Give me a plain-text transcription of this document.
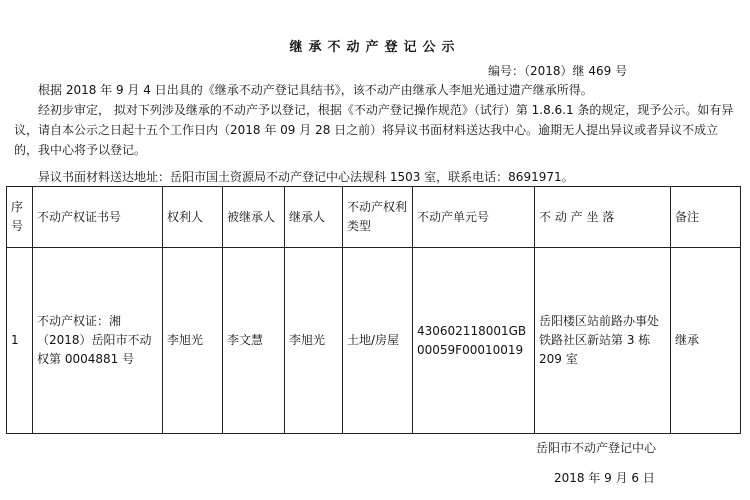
继承不动产登记公示
编号：（2018）继 469 号
根据 2018 年 9 月 4 日出具的《继承不动产登记具结书》，该不动产由继承人李旭光通过遗产继承所得。
经初步审定， 拟对下列涉及继承的不动产予以登记，根据《不动产登记操作规范》（试行）第 1.8.6.1 条的规定，现予公示。如有异议，请自本公示之日起十五个工作日内（2018 年 09 月 28 日之前）将异议书面材料送达我中心。逾期无人提出异议或者异议不成立的，我中心将予以登记。
异议书面材料送达地址：岳阳市国土资源局不动产登记中心法规科 1503 室，联系电话：8691971。
序号	不动产权证书号	权利人	被继承人	继承人	不动产权利类型	不动产单元号	不 动 产 坐 落	备注
1	不动产权证：湘（2018）岳阳市不动权第 0004881 号	李旭光	李文慧	李旭光	土地/房屋	430602118001GB00059F00010019	岳阳楼区站前路办事处铁路社区新站第 3 栋 209 室	继承
岳阳市不动产登记中心
2018 年 9 月 6 日
